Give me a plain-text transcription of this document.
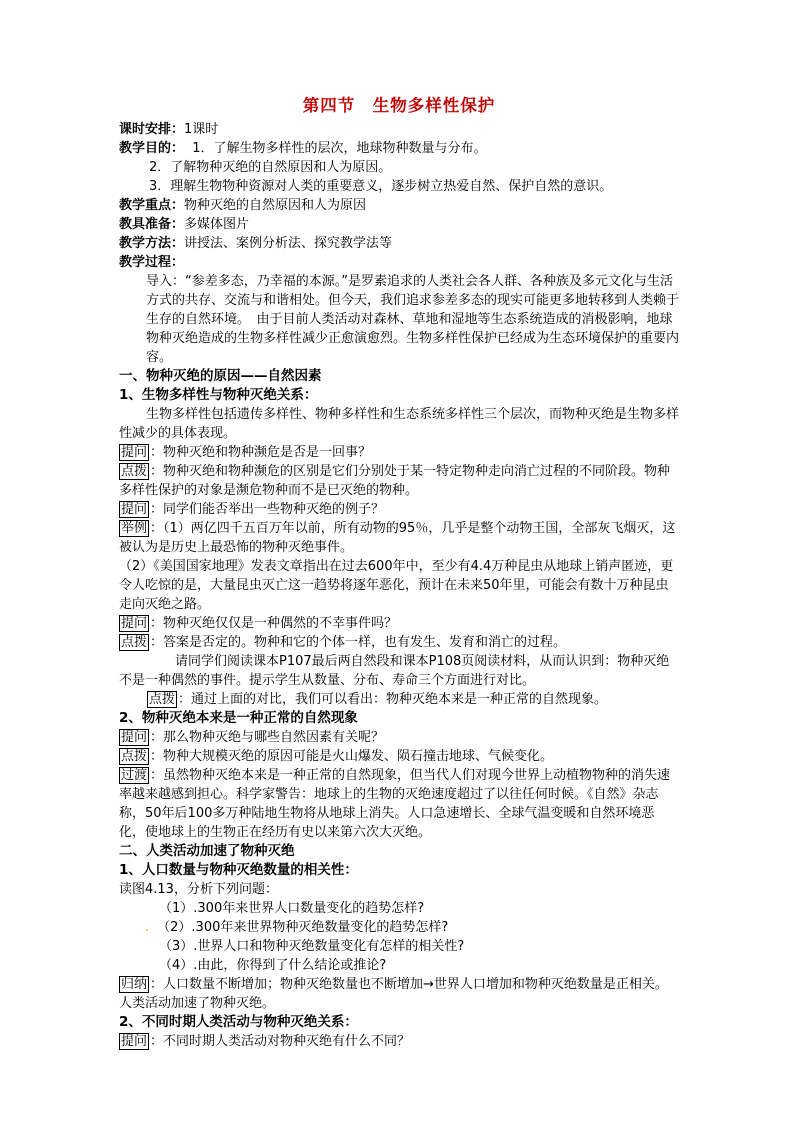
第四节　生物多样性保护
课时安排：1课时
教学目的： 1．了解生物多样性的层次，地球物种数量与分布。
2．了解物种灭绝的自然原因和人为原因。
3．理解生物物种资源对人类的重要意义，逐步树立热爱自然、保护自然的意识。
教学重点：物种灭绝的自然原因和人为原因
教具准备：多媒体图片
教学方法：讲授法、案例分析法、探究教学法等
教学过程：
导入：“参差多态，乃幸福的本源。”是罗素追求的人类社会各人群、各种族及多元文化与生活方式的共存、交流与和谐相处。但今天，我们追求参差多态的现实可能更多地转移到人类赖于生存的自然环境。　由于目前人类活动对森林、草地和湿地等生态系统造成的消极影响，地球物种灭绝造成的生物多样性减少正愈演愈烈。生物多样性保护已经成为生态环境保护的重要内容。
一、物种灭绝的原因——自然因素
1、生物多样性与物种灭绝关系：
生物多样性包括遗传多样性、物种多样性和生态系统多样性三个层次，而物种灭绝是生物多样性减少的具体表现。
提问 ：物种灭绝和物种濒危是否是一回事？
点拨 ：物种灭绝和物种濒危的区别是它们分别处于某一特定物种走向消亡过程的不同阶段。物种多样性保护的对象是濒危物种而不是已灭绝的物种。
提问 ：同学们能否举出一些物种灭绝的例子？
举例 ：（1）两亿四千五百万年以前，所有动物的95％，几乎是整个动物王国，全部灰飞烟灭，这被认为是历史上最恐怖的物种灭绝事件。
（2）《美国国家地理》发表文章指出在过去600年中，至少有4.4万种昆虫从地球上销声匿迹，更令人吃惊的是，大量昆虫灭亡这一趋势将逐年恶化，预计在未来50年里，可能会有数十万种昆虫走向灭绝之路。
提问 ：物种灭绝仅仅是一种偶然的不幸事件吗？
点拨 ：答案是否定的。物种和它的个体一样，也有发生、发育和消亡的过程。
请同学们阅读课本P107最后两自然段和课本P108页阅读材料，从而认识到：物种灭绝不是一种偶然的事件。提示学生从数量、分布、寿命三个方面进行对比。
点拨 ：通过上面的对比，我们可以看出：物种灭绝本来是一种正常的自然现象。
2、物种灭绝本来是一种正常的自然现象
提问 ：那么物种灭绝与哪些自然因素有关呢？
点拨 ：物种大规模灭绝的原因可能是火山爆发、陨石撞击地球、气候变化。
过渡 ：虽然物种灭绝本来是一种正常的自然现象，但当代人们对现今世界上动植物物种的消失速率越来越感到担心。科学家警告：地球上的生物的灭绝速度超过了以往任何时候。《自然》杂志称，50年后100多万种陆地生物将从地球上消失。人口急速增长、全球气温变暖和自然环境恶化，使地球上的生物正在经历有史以来第六次大灭绝。
二、人类活动加速了物种灭绝
1、人口数量与物种灭绝数量的相关性：
读图4.13，分析下列问题：
（1）.300年来世界人口数量变化的趋势怎样?
. （2）.300年来世界物种灭绝数量变化的趋势怎样?
（3）.世界人口和物种灭绝数量变化有怎样的相关性?
（4）.由此，你得到了什么结论或推论?
归纳 ：人口数量不断增加；物种灭绝数量也不断增加→世界人口增加和物种灭绝数量是正相关。人类活动加速了物种灭绝。
2、不同时期人类活动与物种灭绝关系：
提问 ：不同时期人类活动对物种灭绝有什么不同？
